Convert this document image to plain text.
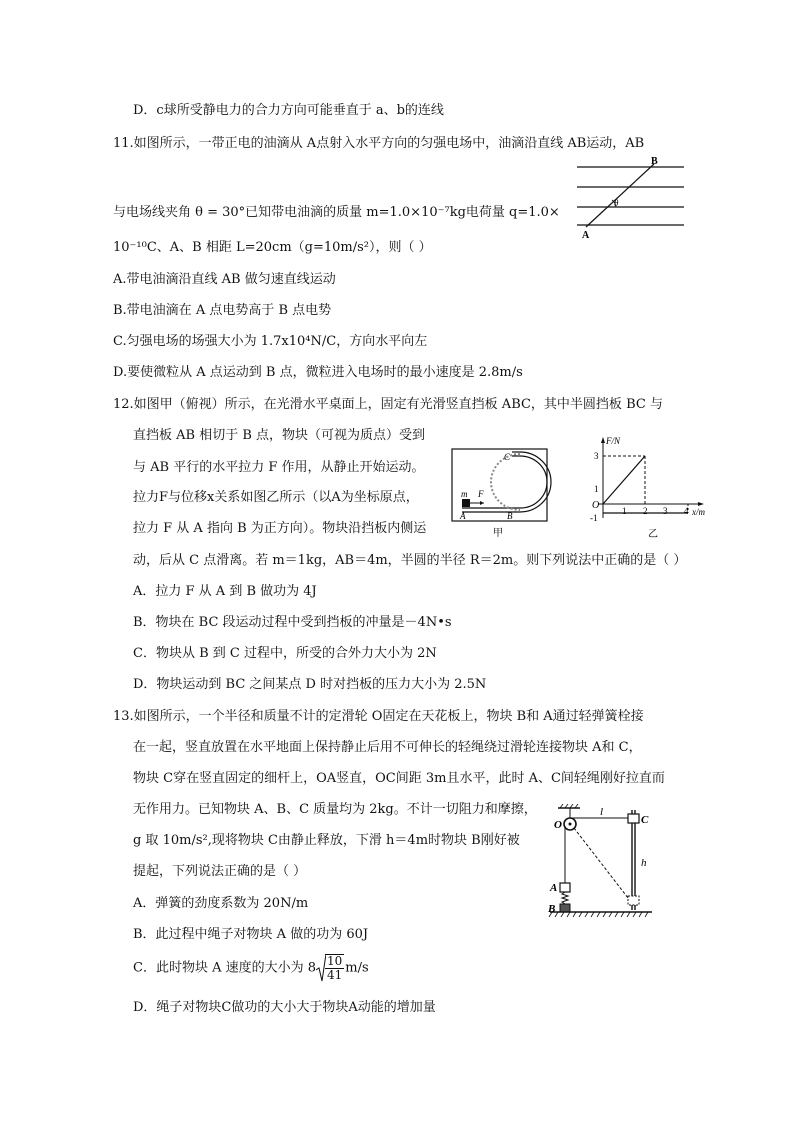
D．c球所受静电力的合力方向可能垂直于 a、b的连线
11.如图所示，一带正电的油滴从 A点射入水平方向的匀强电场中，油滴沿直线 AB运动，AB
θ
A
B
与电场线夹角 θ = 30°已知带电油滴的质量 m=1.0×10⁻⁷kg电荷量 q=1.0×
10⁻¹⁰C、A、B 相距 L=20cm（g=10m/s²），则（ ）
A.带电油滴沿直线 AB 做匀速直线运动
B.带电油滴在 A 点电势高于 B 点电势
C.匀强电场的场强大小为 1.7x10⁴N/C，方向水平向左
D.要使微粒从 A 点运动到 B 点，微粒进入电场时的最小速度是 2.8m/s
12.如图甲（俯视）所示，在光滑水平桌面上，固定有光滑竖直挡板 ABC，其中半圆挡板 BC 与
直挡板 AB 相切于 B 点，物块（可视为质点）受到
与 AB 平行的水平拉力 F 作用，从静止开始运动。
拉力F与位移x关系如图乙所示（以A为坐标原点，
拉力 F 从 A 指向 B 为正方向）。物块沿挡板内侧运
m F
A	B
C
甲
F/N
x/m
O
3
1
-1
1 2 3 4
乙
动，后从 C 点滑离。若 m＝1kg，AB＝4m，半圆的半径 R＝2m。则下列说法中正确的是（ ）
A．拉力 F 从 A 到 B 做功为 4J
B．物块在 BC 段运动过程中受到挡板的冲量是－4N•s
C．物块从 B 到 C 过程中，所受的合外力大小为 2N
D．物块运动到 BC 之间某点 D 时对挡板的压力大小为 2.5N
13.如图所示，一个半径和质量不计的定滑轮 O固定在天花板上，物块 B和 A通过轻弹簧栓接
在一起，竖直放置在水平地面上保持静止后用不可伸长的轻绳绕过滑轮连接物块 A和 C，
物块 C穿在竖直固定的细杆上，OA竖直，OC间距 3m且水平，此时 A、C间轻绳刚好拉直而
无作用力。已知物块 A、B、C 质量均为 2kg。不计一切阻力和摩擦，
g 取 10m/s²,现将物块 C由静止释放，下滑 h＝4m时物块 B刚好被
提起，下列说法正确的是（ ）
O
l
C
h
A
B
A．弹簧的劲度系数为 20N/m
B．此过程中绳子对物块 A 做的功为 60J
C．此时物块 A 速度的大小为 $8 \frac{10}{41} m/s$
D．绳子对物块C做功的大小大于物块A动能的增加量
